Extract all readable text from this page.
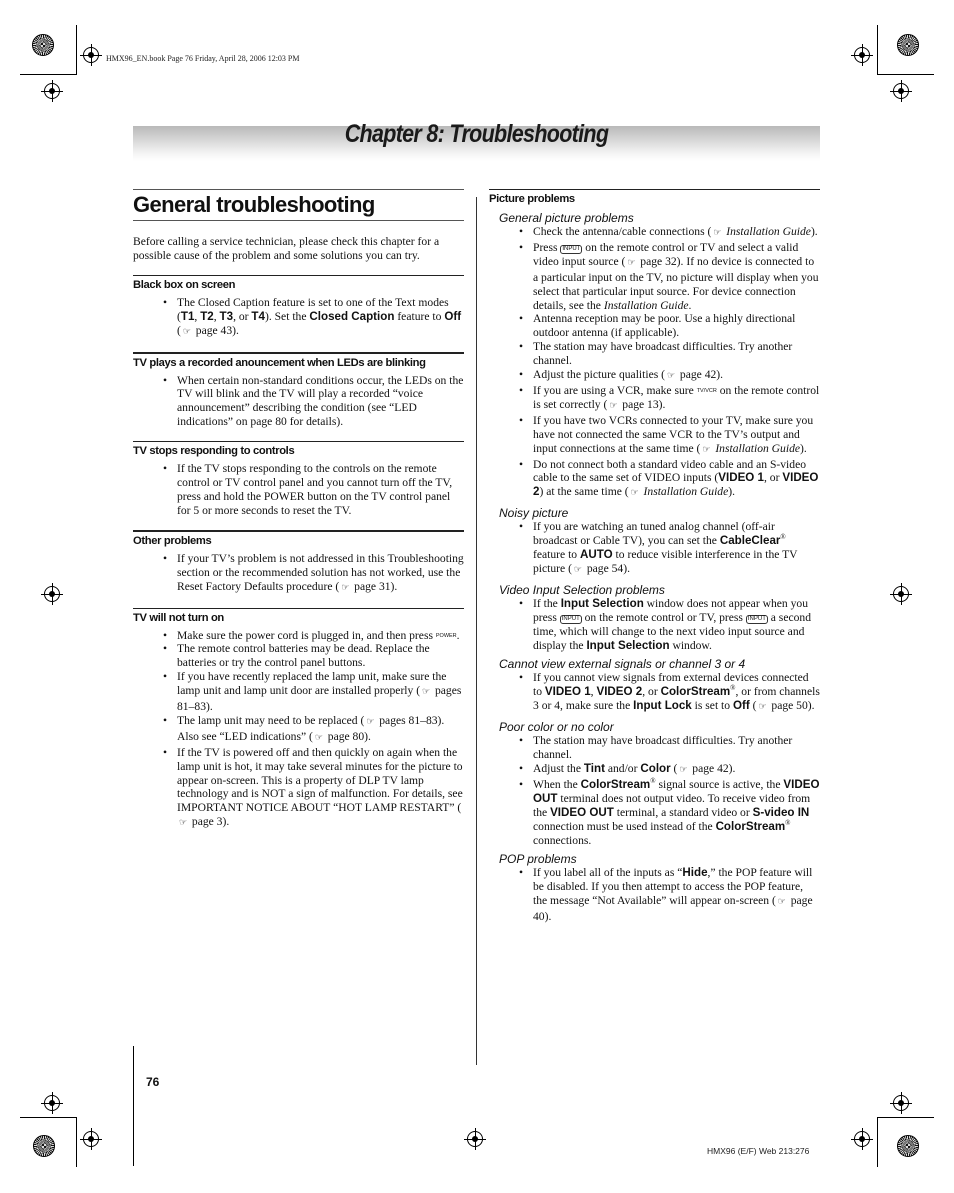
HMX96_EN.book Page 76 Friday, April 28, 2006 12:03 PM
Chapter 8: Troubleshooting
General troubleshooting

Before calling a service technician, please check this chapter for a possible cause of the problem and some solutions you can try.

Black box on screen
• The Closed Caption feature is set to one of the Text modes (T1, T2, T3, or T4). Set the Closed Caption feature to Off ( ☞ page 43).
TV plays a recorded anouncement when LEDs are blinking
• When certain non-standard conditions occur, the LEDs on the TV will blink and the TV will play a recorded “voice announcement” describing the condition (see “LED indications” on page 80 for details).
TV stops responding to controls
• If the TV stops responding to the controls on the remote control or TV control panel and you cannot turn off the TV, press and hold the POWER button on the TV control panel for 5 or more seconds to reset the TV.
Other problems
• If your TV’s problem is not addressed in this Troubleshooting section or the recommended solution has not worked, use the Reset Factory Defaults procedure ( ☞ page 31).
TV will not turn on
• Make sure the power cord is plugged in, and then press POWER.
• The remote control batteries may be dead. Replace the batteries or try the control panel buttons.
• If you have recently replaced the lamp unit, make sure the lamp unit and lamp unit door are installed properly ( ☞ pages 81–83).
• The lamp unit may need to be replaced ( ☞ pages 81–83). Also see “LED indications” ( ☞ page 80).
• If the TV is powered off and then quickly on again when the lamp unit is hot, it may take several minutes for the picture to appear on-screen. This is a property of DLP TV lamp technology and is NOT a sign of malfunction. For details, see IMPORTANT NOTICE ABOUT “HOT LAMP RESTART” (☞ page 3).
Picture problems
General picture problems
• Check the antenna/cable connections ( ☞ Installation Guide).
• Press INPUT on the remote control or TV and select a valid video input source ( ☞ page 32). If no device is connected to a particular input on the TV, no picture will display when you select that particular input source. For device connection details, see the Installation Guide.
• Antenna reception may be poor. Use a highly directional outdoor antenna (if applicable).
• The station may have broadcast difficulties. Try another channel.
• Adjust the picture qualities ( ☞ page 42).
• If you are using a VCR, make sure TV/VCR on the remote control is set correctly ( ☞ page 13).
• If you have two VCRs connected to your TV, make sure you have not connected the same VCR to the TV’s output and input connections at the same time ( ☞ Installation Guide).
• Do not connect both a standard video cable and an S-video cable to the same set of VIDEO inputs (VIDEO 1, or VIDEO 2) at the same time ( ☞ Installation Guide).
Noisy picture
• If you are watching an tuned analog channel (off-air broadcast or Cable TV), you can set the CableClear® feature to AUTO to reduce visible interference in the TV picture ( ☞ page 54).
Video Input Selection problems
• If the Input Selection window does not appear when you press INPUT on the remote control or TV, press INPUT a second time, which will change to the next video input source and display the Input Selection window.
Cannot view external signals or channel 3 or 4
• If you cannot view signals from external devices connected to VIDEO 1, VIDEO 2, or ColorStream®, or from channels 3 or 4, make sure the Input Lock is set to Off ( ☞ page 50).
Poor color or no color
• The station may have broadcast difficulties. Try another channel.
• Adjust the Tint and/or Color ( ☞ page 42).
• When the ColorStream® signal source is active, the VIDEO OUT terminal does not output video. To receive video from the VIDEO OUT terminal, a standard video or S-video IN connection must be used instead of the ColorStream® connections.
POP problems
• If you label all of the inputs as “Hide,” the POP feature will be disabled. If you then attempt to access the POP feature, the message “Not Available” will appear on-screen ( ☞ page 40).
76
HMX96 (E/F) Web 213:276
